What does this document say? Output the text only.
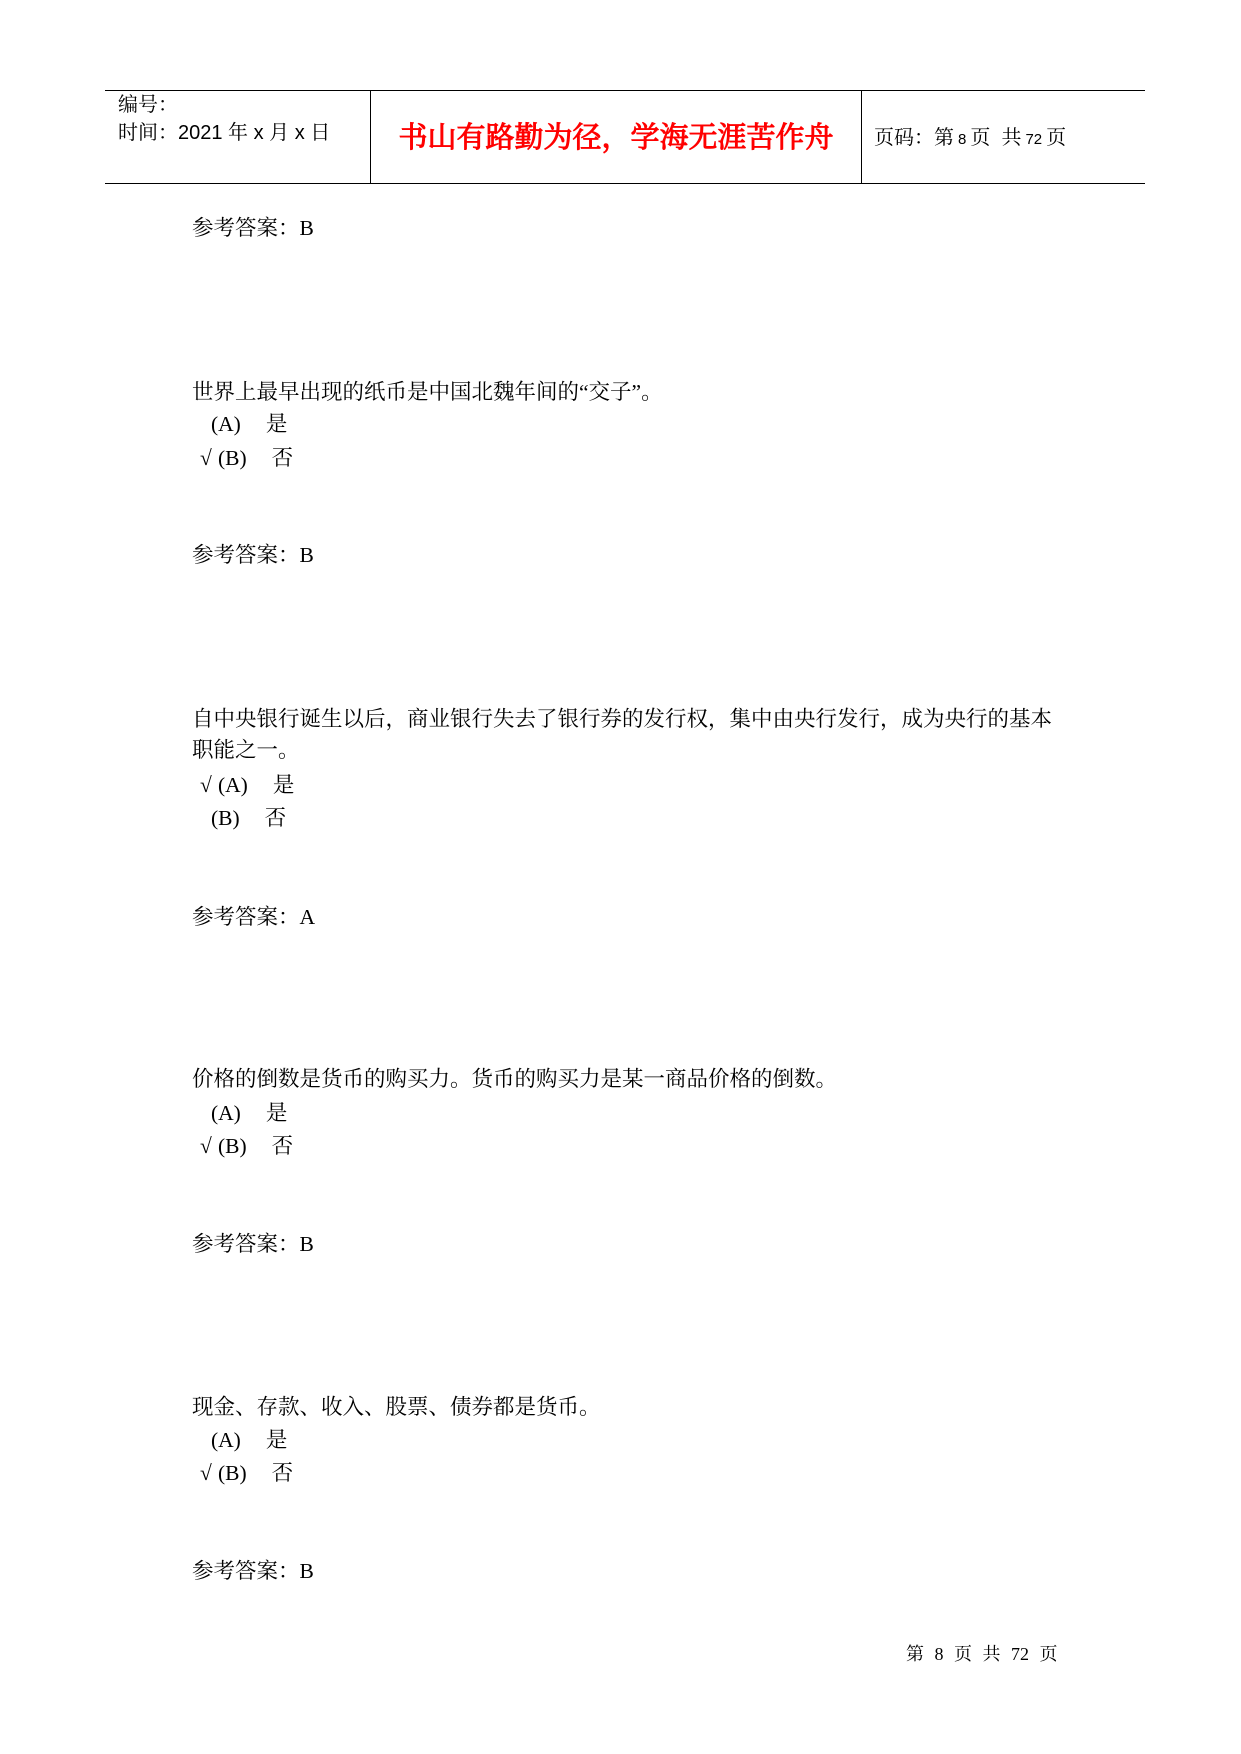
编号：
时间：2021 年 x 月 x 日	书山有路勤为径，学海无涯苦作舟	页码：第 8 页  共 72 页
参考答案：B
世界上最早出现的纸币是中国北魏年间的“交子”。
(A) 是
√ (B) 否
参考答案：B
自中央银行诞生以后，商业银行失去了银行券的发行权，集中由央行发行，成为央行的基本职能之一。
√ (A) 是
(B) 否
参考答案：A
价格的倒数是货币的购买力。货币的购买力是某一商品价格的倒数。
(A) 是
√ (B) 否
参考答案：B
现金、存款、收入、股票、债券都是货币。
(A) 是
√ (B) 否
参考答案：B
第 8 页 共 72 页
